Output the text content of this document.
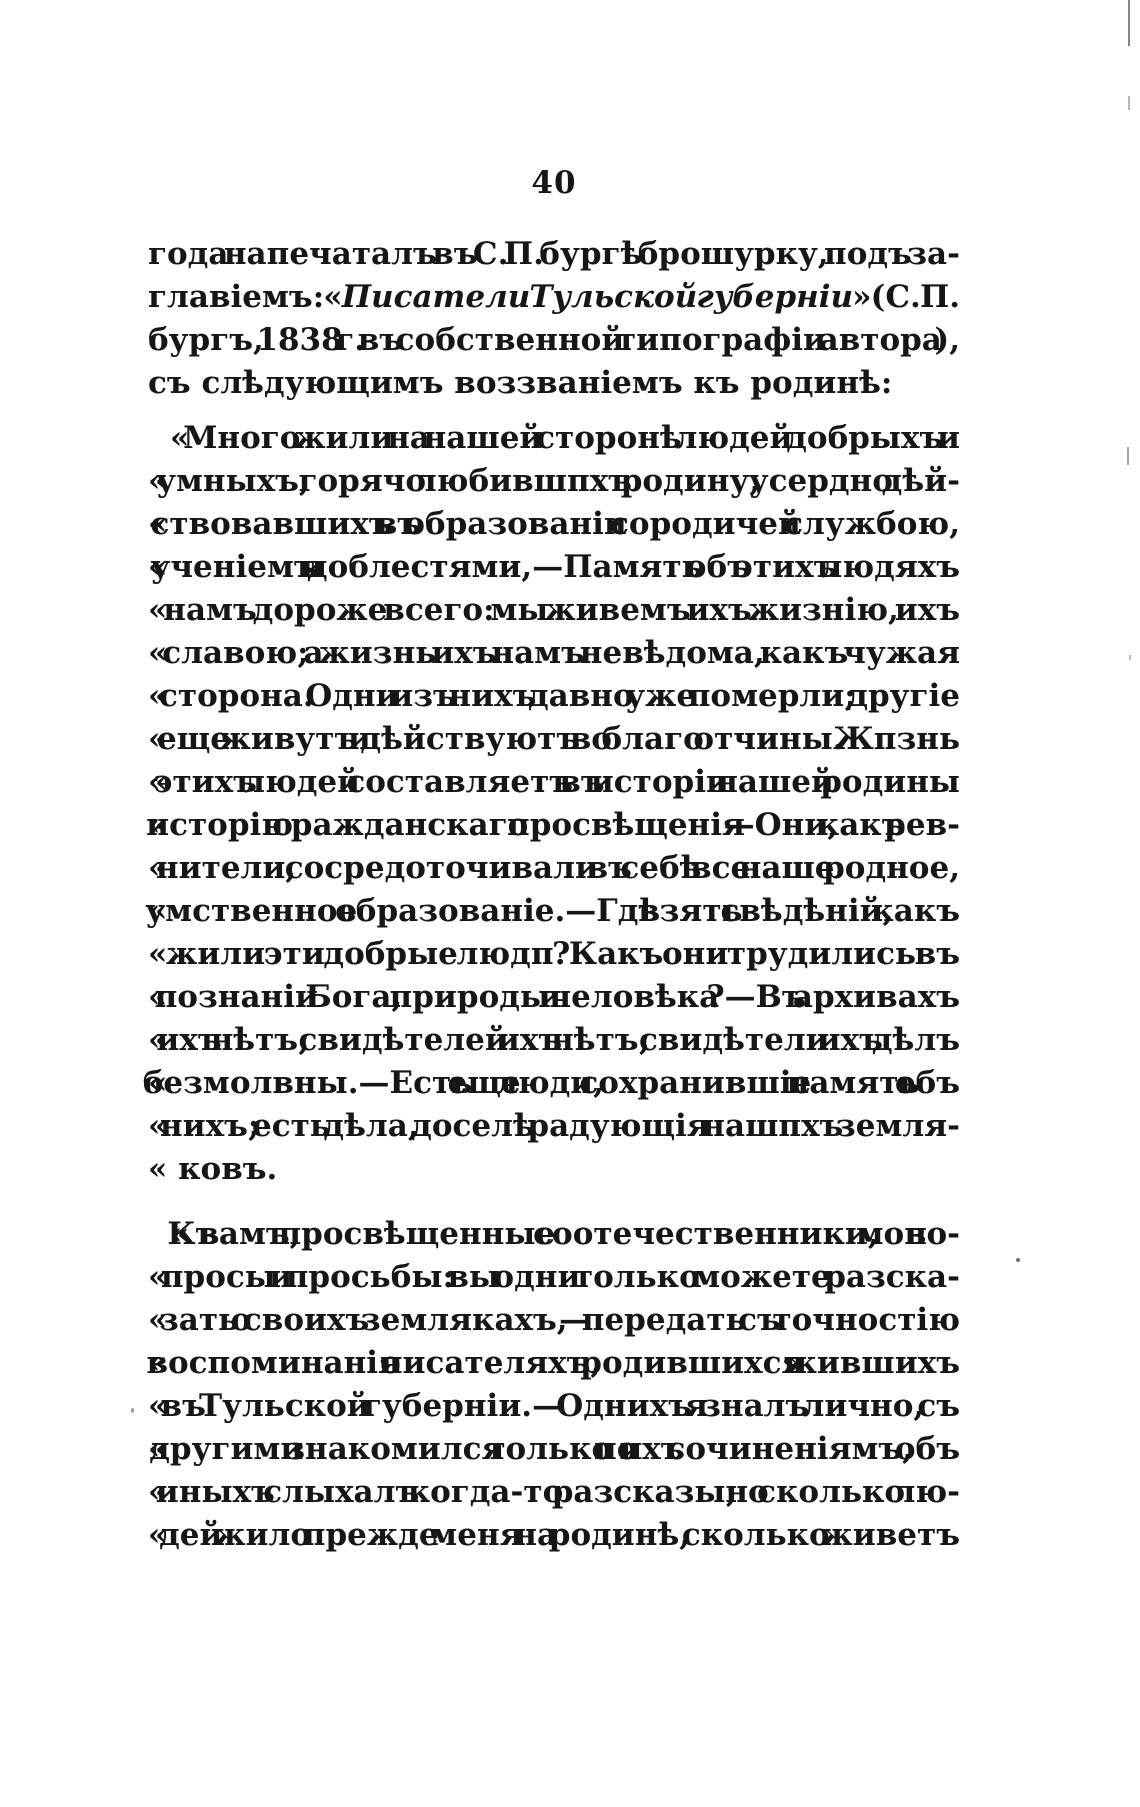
40
года напечаталъ въ С. П. бургѣ брошурку, подъ за-
главіемъ: « Писатели Тульской губерніи » (С. П.
бургъ, 1838 г. въ собственной типографіи автора ),
съ слѣдующимъ воззваніемъ къ родинѣ:
« Много жили на нашей сторонѣ людей добрыхъ и
« умныхъ, горячо любившпхъ родину, усердно дѣй-
« ствовавшихъ въ образованіи сородичей службою,
« ученіемъ и доблестями,—Память объ этихъ людяхъ
« намъ дороже всего: мы живемъ ихъ жизнію, ихъ
« славою; а жизнь ихъ намъ невѣдома, какъ чужая
« сторона. Одни изъ нихъ давно уже померли; другіе
« еще живутъ и дѣйствуютъ во благо отчины. Жпзнь
« этихъ людей составляетъ въ исторіи нашей родины
« исторію гражданскаго просвѣщенія —Они, какъ рев-
« нители, сосредоточивали въ себѣ все наше родное,
« умственное образованіе.—Гдѣ взять свѣдѣній, какъ
« жили эти добрые людп ? Какъ они трудились въ
« познаніи Бога, природы и человѣка ?—Въ архивахъ
« ихъ нѣтъ; свидѣтелей ихъ нѣтъ; свидѣтели ихъ дѣлъ
« безмолвны.—Есть еще люди, сохранившіе память объ
« нихъ; есть дѣла, доселѣ радующія нашпхъ земля-
« ковъ.
« Къ вамъ, просвѣщенные соотечественники, моп во-
« просы и просьбы: вы одни только можете разска-
« зать о своихъ землякахъ, — передать съ точностію
« воспоминанія о писателяхъ, родившихся и жившихъ
« въ Тульской губерніи.— Однихъ я зналъ лично, съ
« другими знакомился только по ихъ сочиненіямъ, объ
« иныхъ слыхалъ когда-то разсказы; но сколько лю-
« дей жило прежде меня на родинѣ, сколько живетъ
